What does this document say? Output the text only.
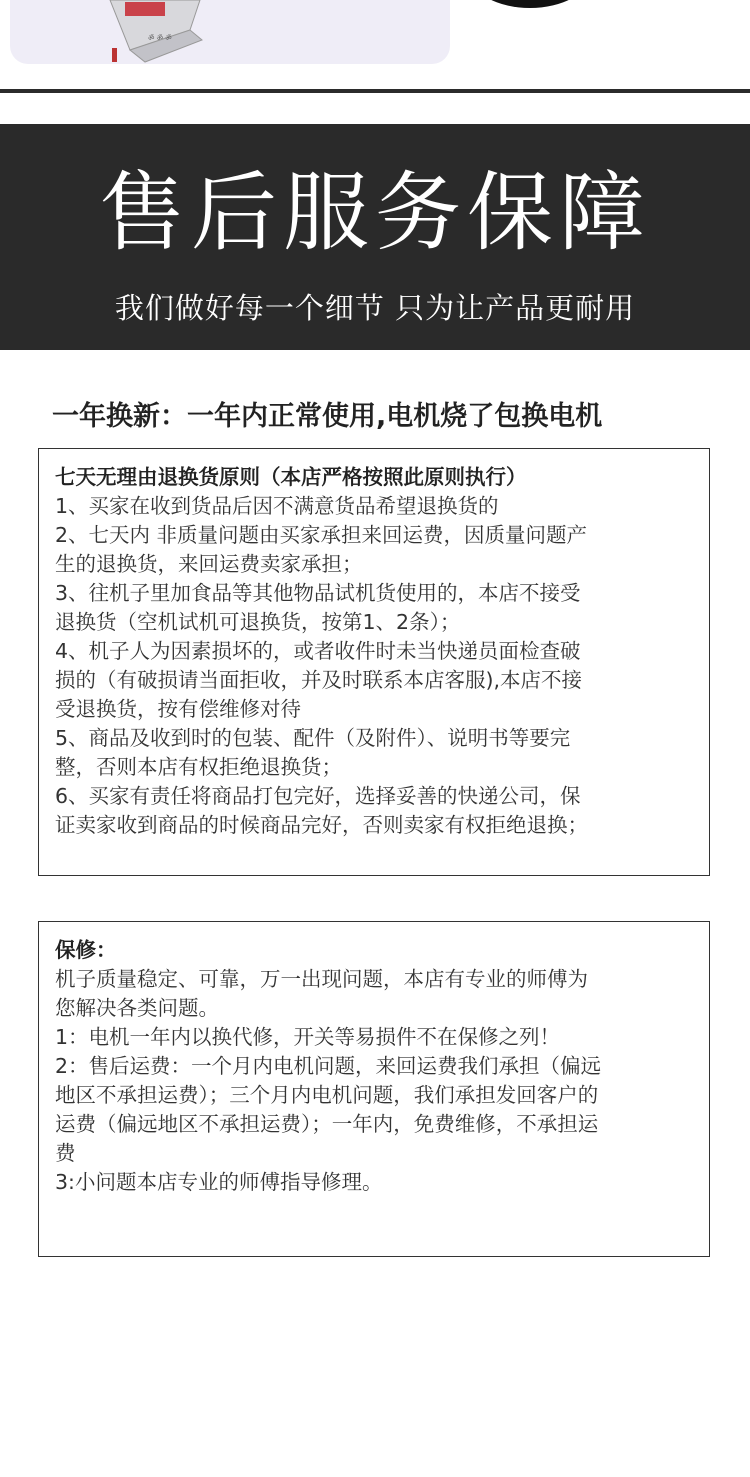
ॐ ॐ ॐ
售后服务保障
我们做好每一个细节 只为让产品更耐用
一年换新：一年内正常使用,电机烧了包换电机
七天无理由退换货原则（本店严格按照此原则执行）

1、买家在收到货品后因不满意货品希望退换货的

2、七天内 非质量问题由买家承担来回运费，因质量问题产

生的退换货，来回运费卖家承担；

3、往机子里加食品等其他物品试机货使用的，本店不接受

退换货（空机试机可退换货，按第1、2条）；

4、机子人为因素损坏的，或者收件时未当快递员面检查破

损的（有破损请当面拒收，并及时联系本店客服),本店不接

受退换货，按有偿维修对待

5、商品及收到时的包装、配件（及附件）、说明书等要完

整，否则本店有权拒绝退换货；

6、买家有责任将商品打包完好，选择妥善的快递公司，保

证卖家收到商品的时候商品完好，否则卖家有权拒绝退换；

保修：

机子质量稳定、可靠，万一出现问题，本店有专业的师傅为

您解决各类问题。

1：电机一年内以换代修，开关等易损件不在保修之列！

2：售后运费：一个月内电机问题，来回运费我们承担（偏远

地区不承担运费）；三个月内电机问题，我们承担发回客户的

运费（偏远地区不承担运费）；一年内，免费维修，不承担运

费

3:小问题本店专业的师傅指导修理。
